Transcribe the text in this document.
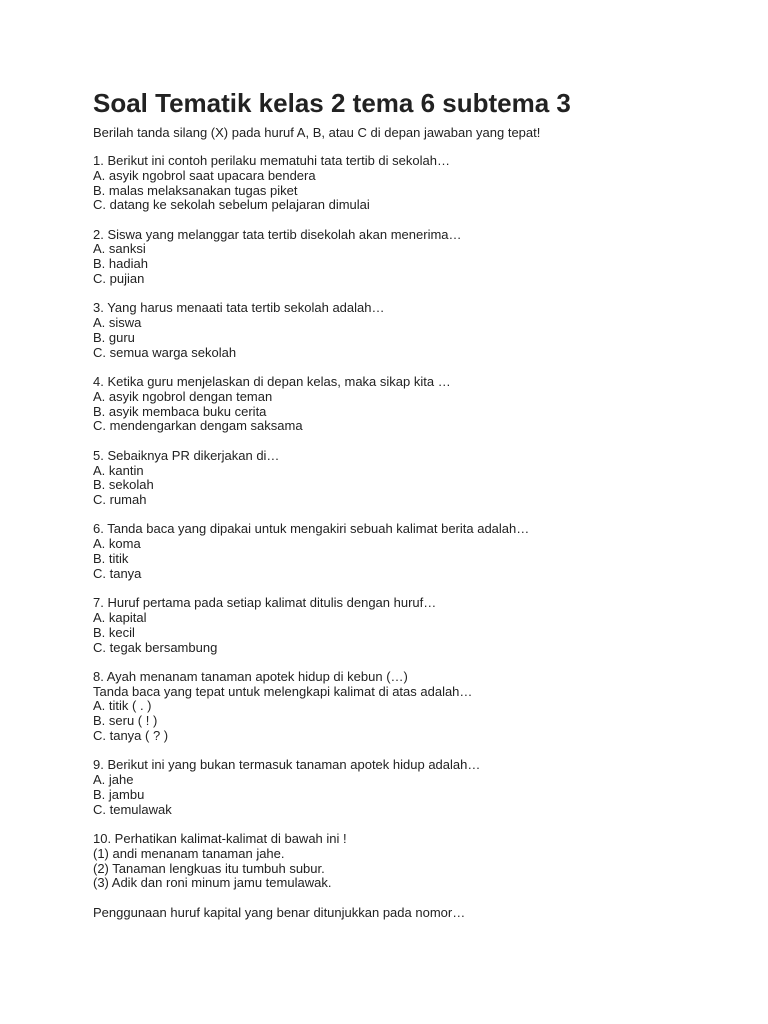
Soal Tematik kelas 2 tema 6 subtema 3

Berilah tanda silang (X) pada huruf A, B, atau C di depan jawaban yang tepat!

1. Berikut ini contoh perilaku mematuhi tata tertib di sekolah…
A. asyik ngobrol saat upacara bendera
B. malas melaksanakan tugas piket
C. datang ke sekolah sebelum pelajaran dimulai
2. Siswa yang melanggar tata tertib disekolah akan menerima…
A. sanksi
B. hadiah
C. pujian
3. Yang harus menaati tata tertib sekolah adalah…
A. siswa
B. guru
C. semua warga sekolah
4. Ketika guru menjelaskan di depan kelas, maka sikap kita …
A. asyik ngobrol dengan teman
B. asyik membaca buku cerita
C. mendengarkan dengam saksama
5. Sebaiknya PR dikerjakan di…
A. kantin
B. sekolah
C. rumah
6. Tanda baca yang dipakai untuk mengakiri sebuah kalimat berita adalah…
A. koma
B. titik
C. tanya
7. Huruf pertama pada setiap kalimat ditulis dengan huruf…
A. kapital
B. kecil
C. tegak bersambung
8. Ayah menanam tanaman apotek hidup di kebun (…)
Tanda baca yang tepat untuk melengkapi kalimat di atas adalah…
A. titik ( . )
B. seru ( ! )
C. tanya ( ? )
9. Berikut ini yang bukan termasuk tanaman apotek hidup adalah…
A. jahe
B. jambu
C. temulawak
10. Perhatikan kalimat-kalimat di bawah ini !
(1) andi menanam tanaman jahe.
(2) Tanaman lengkuas itu tumbuh subur.
(3) Adik dan roni minum jamu temulawak.
Penggunaan huruf kapital yang benar ditunjukkan pada nomor…
